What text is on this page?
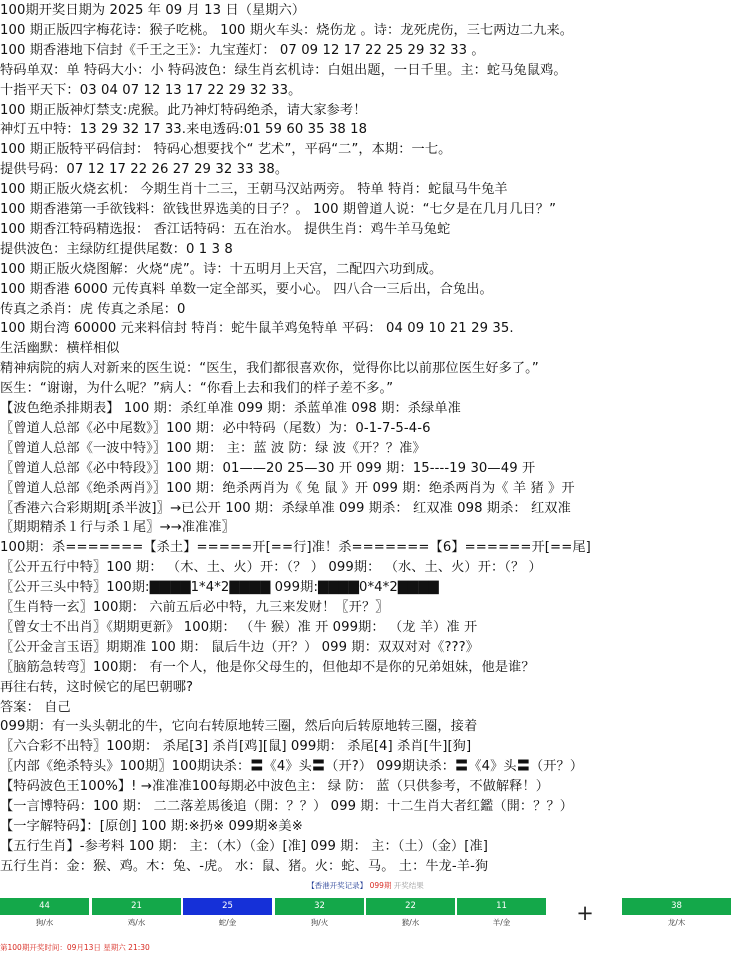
100期开奖日期为 2025 年 09 月 13 日（星期六）
100 期正版四字梅花诗：猴子吃桃。 100 期火车头：烧伤龙 。诗：龙死虎伤，三七两边二九来。
100 期香港地下信封《千王之王》：九宝莲灯： 07 09 12 17 22 25 29 32 33 。
特码单双：单 特码大小：小 特码波色：绿生肖玄机诗：白姐出题，一日千里。主：蛇马兔鼠鸡。
十指平天下：03 04 07 12 13 17 22 29 32 33。
100 期正版神灯禁支:虎猴。此乃神灯特码绝杀，请大家参考！
神灯五中特：13 29 32 17 33.来电透码:01 59 60 35 38 18
100 期正版特平码信封： 特码心想要找个“ 艺术”，平码“二”，本期：一七。
提供号码：07 12 17 22 26 27 29 32 33 38。
100 期正版火烧玄机： 今期生肖十二三，王朝马汉站两旁。 特单 特肖：蛇鼠马牛兔羊
100 期香港第一手欲钱料：欲钱世界选美的日子？。 100 期曾道人说：“七夕是在几月几日？”
100 期香江特码精选报： 香江话特码：五在治水。 提供生肖：鸡牛羊马兔蛇
提供波色：主绿防红提供尾数：0 1 3 8
100 期正版火烧图解：火烧“虎”。诗：十五明月上天宫，二配四六功到成。
100 期香港 6000 元传真料 单数一定全部买，要小心。 四八合一三后出，合兔出。
传真之杀肖：虎 传真之杀尾：0
100 期台湾 60000 元来料信封 特肖：蛇牛鼠羊鸡兔特单 平码： 04 09 10 21 29 35.
生活幽默：横样相似
精神病院的病人对新来的医生说：“医生，我们都很喜欢你，觉得你比以前那位医生好多了。”
医生：“谢谢，为什么呢？”病人：“你看上去和我们的样子差不多。”
【波色绝杀排期表】 100 期：杀红单准 099 期：杀蓝单准 098 期：杀绿单准
〖曾道人总部《必中尾数》〗100 期：必中特码（尾数）为：0-1-7-5-4-6
〖曾道人总部《一波中特》〗100 期： 主：蓝 波 防：绿 波《开？？准》
〖曾道人总部《必中特段》〗100 期：01——20 25—30 开 099 期：15----19 30—49 开
〖曾道人总部《绝杀两肖》〗100 期：绝杀两肖为《 兔 鼠 》开 099 期：绝杀两肖为《 羊 猪 》开
〖香港六合彩期期[杀半波]〗→已公开 100 期：杀绿单准 099 期杀： 红双准 098 期杀： 红双准
〖期期精杀１行与杀１尾〗→→准准准〗
100期：杀=======【杀土】=====开[==行]准！杀=======【6】======开[==尾]
〖公开五行中特〗100 期： （木、土、火）开：（？ ） 099期： （水、土、火）开：（？ ）
〖公开三头中特〗100期:▇▇▇▇1*4*2▇▇▇▇ 099期:▇▇▇▇0*4*2▇▇▇▇
〖生肖特一玄〗100期： 六前五后必中特，九三来发财！〖开？〗
〖曾女士不出肖〗《期期更新》 100期： （牛 猴）准 开 099期： （龙 羊）准 开
〖公开金言玉语〗期期准 100 期： 鼠后牛边（开？） 099 期：双双对对《???》
〖脑筋急转弯〗100期： 有一个人，他是你父母生的，但他却不是你的兄弟姐妹，他是谁？
再往右转，这时候它的尾巴朝哪?
答案： 自己
099期：有一头头朝北的牛，它向右转原地转三圈，然后向后转原地转三圈，接着
〖六合彩不出特〗100期： 杀尾[3] 杀肖[鸡][鼠] 099期： 杀尾[4] 杀肖[牛][狗]
〖内部《绝杀特头》100期〗100期诀杀：〓《4》头〓（开?） 099期诀杀：〓《4》头〓（开？）
【特码波色王100%】! →准准准100每期必中波色主： 绿 防： 蓝（只供参考，不做解释！）
【一言博特码：100 期： 二二落差馬後追（開：？？） 099 期：十二生肖大者红鑑（開：？？）
【一字解特码】：[原创] 100 期:※扔※ 099期※美※
【五行生肖】-参考料 100 期： 主：（木）（金）[准] 099 期： 主：（土）（金）[准]
五行生肖：金：猴、鸡。木：兔、-虎。 水：鼠、猪。火：蛇、马。 土：牛龙-羊-狗
【香港开奖记录】 099期 开奖结果
44
狗/水
21
鸡/水
25
蛇/金
32
狗/火
22
猴/水
11
羊/金	+	38
龙/木
第100期开奖时间：09月13日 星期六 21:30
